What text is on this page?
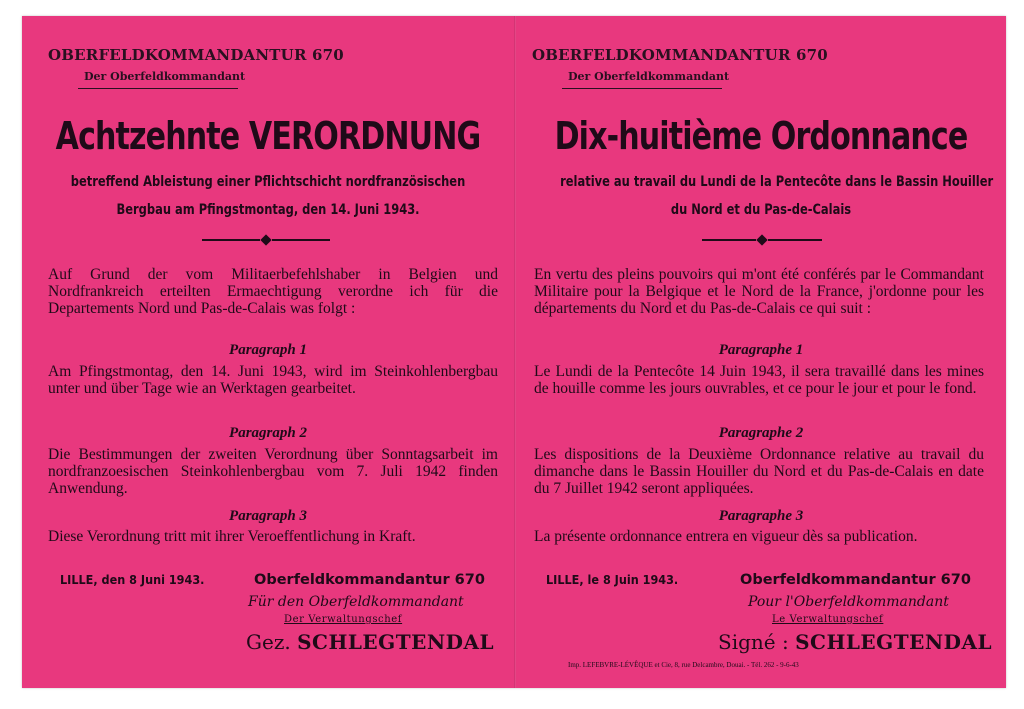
OBERFELDKOMMANDANTUR 670
Der Oberfeldkommandant
Achtzehnte VERORDNUNG
betreffend Ableistung einer Pflichtschicht nordfranzösischen
Bergbau am Pfingstmontag, den 14. Juni 1943.
Auf Grund der vom Militaerbefehlshaber in Belgien und Nordfrankreich erteilten Ermaechtigung verordne ich für die Departements Nord und Pas-de-Calais was folgt :
Paragraph 1
Am Pfingstmontag, den 14. Juni 1943, wird im Steinkohlenbergbau unter und über Tage wie an Werktagen gearbeitet.
Paragraph 2
Die Bestimmungen der zweiten Verordnung über Sonntagsarbeit im nordfranzoesischen Steinkohlenbergbau vom 7. Juli 1942 finden Anwendung.
Paragraph 3
Diese Verordnung tritt mit ihrer Veroeffentlichung in Kraft.
LILLE, den 8 Juni 1943.	Oberfeldkommandantur 670
Für den Oberfeldkommandant
Der Verwaltungschef
Gez. SCHLEGTENDAL
OBERFELDKOMMANDANTUR 670
Der Oberfeldkommandant
Dix-huitième Ordonnance
relative au travail du Lundi de la Pentecôte dans le Bassin Houiller
du Nord et du Pas-de-Calais
En vertu des pleins pouvoirs qui m'ont été conférés par le Commandant Militaire pour la Belgique et le Nord de la France, j'ordonne pour les départements du Nord et du Pas-de-Calais ce qui suit :
Paragraphe 1
Le Lundi de la Pentecôte 14 Juin 1943, il sera travaillé dans les mines de houille comme les jours ouvrables, et ce pour le jour et pour le fond.
Paragraphe 2
Les dispositions de la Deuxième Ordonnance relative au travail du dimanche dans le Bassin Houiller du Nord et du Pas-de-Calais en date du 7 Juillet 1942 seront appliquées.
Paragraphe 3
La présente ordonnance entrera en vigueur dès sa publication.
LILLE, le 8 Juin 1943.	Oberfeldkommandantur 670
Pour l'Oberfeldkommandant
Le Verwaltungschef
Signé : SCHLEGTENDAL
Imp. LEFEBVRE-LÉVÊQUE et Cie, 8, rue Delcambre, Douai. - Tél. 262 - 9-6-43
